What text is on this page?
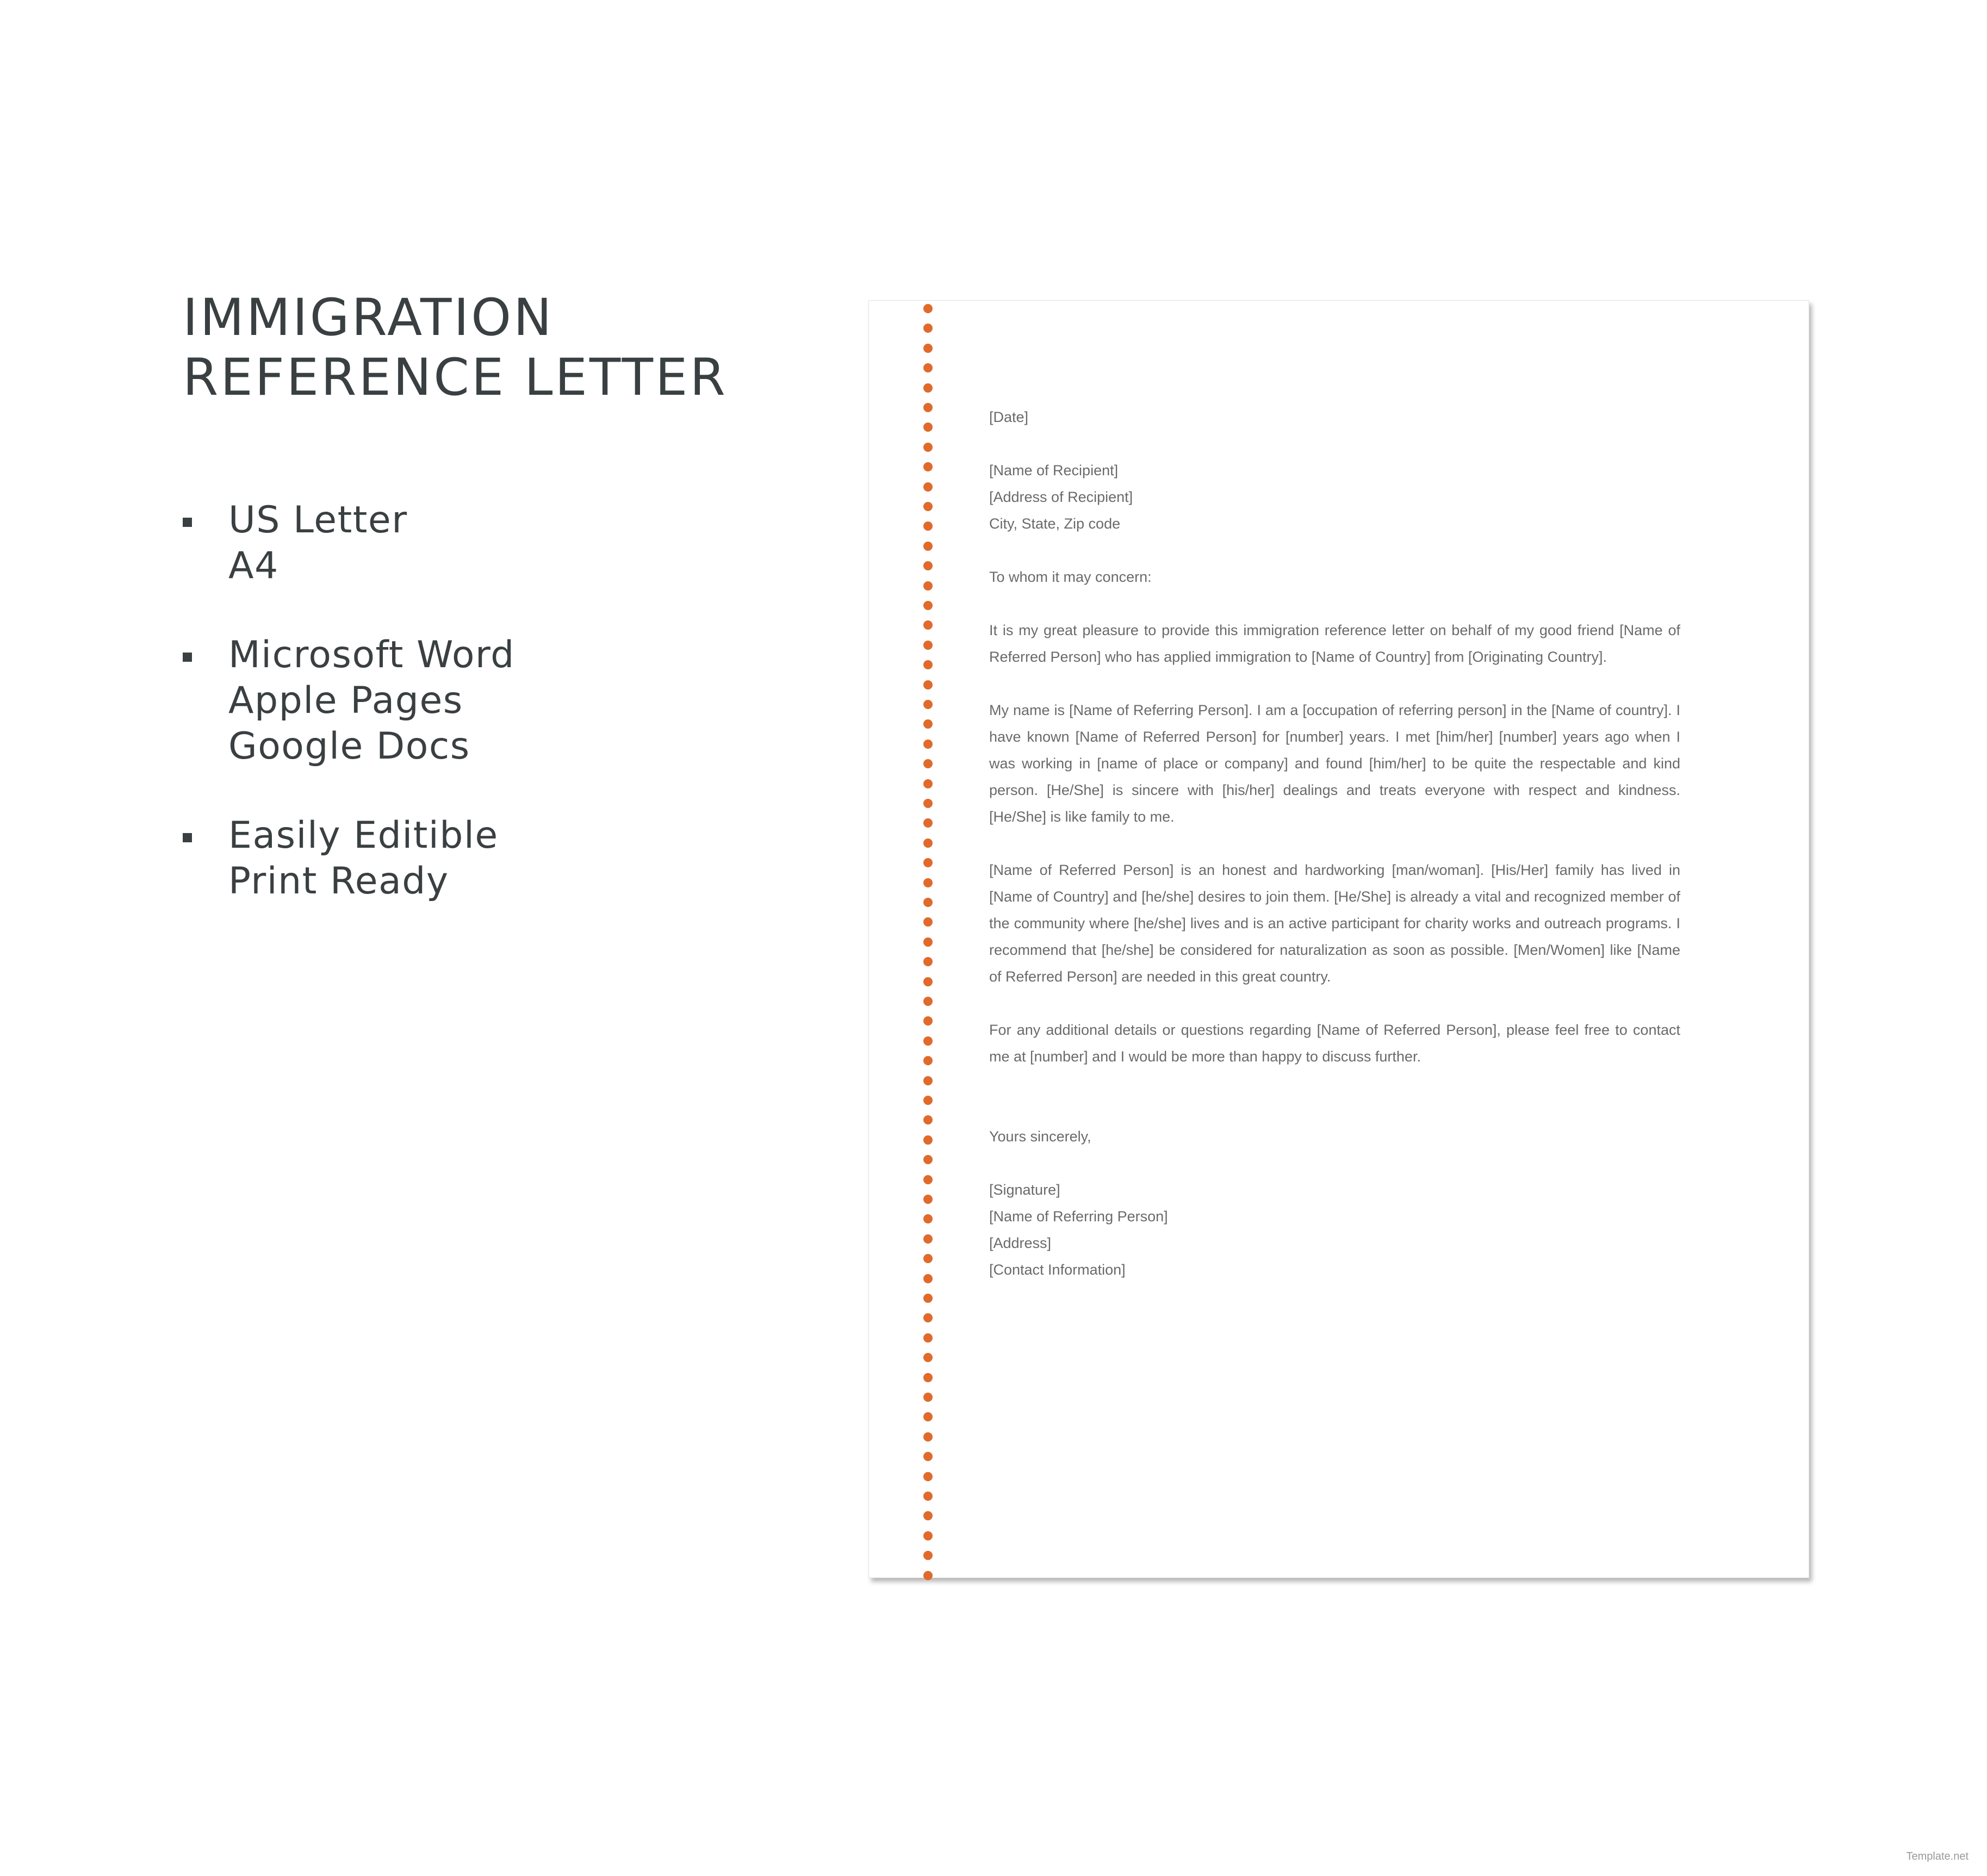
IMMIGRATION REFERENCE LETTER
US Letter
A4
Microsoft Word
Apple Pages
Google Docs
Easily Editible
Print Ready

[Date]

[Name of Recipient]
[Address of Recipient]
City, State, Zip code

To whom it may concern:

It is my great pleasure to provide this immigration reference letter on behalf of my good friend [Name of Referred Person] who has applied immigration to [Name of Country] from [Originating Country].

My name is [Name of Referring Person]. I am a [occupation of referring person] in the [Name of country]. I have known [Name of Referred Person] for [number] years. I met [him/her] [number] years ago when I was working in [name of place or company] and found [him/her] to be quite the respectable and kind person. [He/She] is sincere with [his/her] dealings and treats everyone with respect and kindness. [He/She] is like family to me.

[Name of Referred Person] is an honest and hardworking [man/woman]. [His/Her] family has lived in [Name of Country] and [he/she] desires to join them. [He/She] is already a vital and recognized member of the community where [he/she] lives and is an active participant for charity works and outreach programs. I recommend that [he/she] be considered for naturalization as soon as possible. [Men/Women] like [Name of Referred Person] are needed in this great country.

For any additional details or questions regarding [Name of Referred Person], please feel free to contact me at [number] and I would be more than happy to discuss further.

Yours sincerely,

[Signature]
[Name of Referring Person]
[Address]
[Contact Information]

Template.net
